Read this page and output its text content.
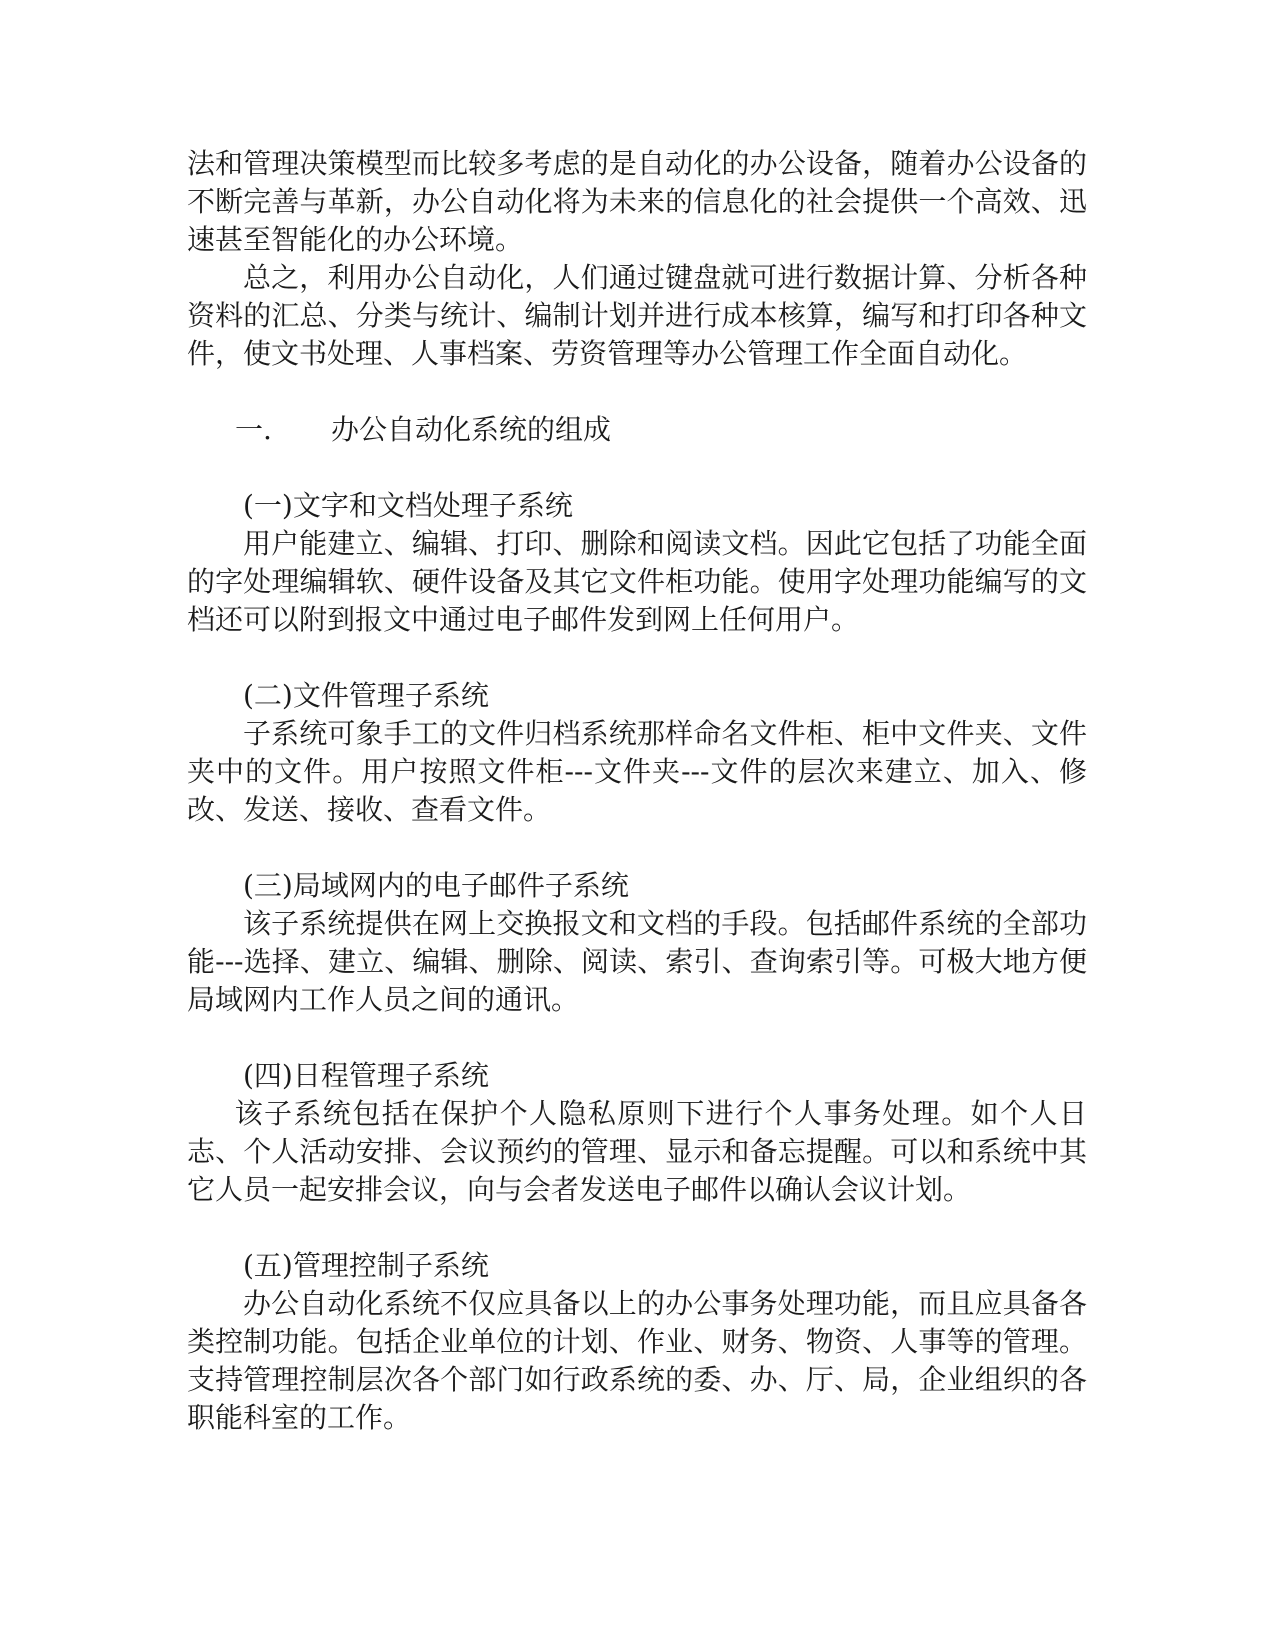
法和管理决策模型而比较多考虑的是自动化的办公设备，随着办公设备的不断完善与革新，办公自动化将为未来的信息化的社会提供一个高效、迅速甚至智能化的办公环境。

总之，利用办公自动化，人们通过键盘就可进行数据计算、分析各种资料的汇总、分类与统计、编制计划并进行成本核算，编写和打印各种文件，使文书处理、人事档案、劳资管理等办公管理工作全面自动化。

一.	办公自动化系统的组成

(一)文字和文档处理子系统

用户能建立、编辑、打印、删除和阅读文档。因此它包括了功能全面的字处理编辑软、硬件设备及其它文件柜功能。使用字处理功能编写的文档还可以附到报文中通过电子邮件发到网上任何用户。

(二)文件管理子系统

子系统可象手工的文件归档系统那样命名文件柜、柜中文件夹、文件夹中的文件。用户按照文件柜---文件夹---文件的层次来建立、加入、修改、发送、接收、查看文件。

(三)局域网内的电子邮件子系统

该子系统提供在网上交换报文和文档的手段。包括邮件系统的全部功能---选择、建立、编辑、删除、阅读、索引、查询索引等。可极大地方便局域网内工作人员之间的通讯。

(四)日程管理子系统

该子系统包括在保护个人隐私原则下进行个人事务处理。如个人日志、个人活动安排、会议预约的管理、显示和备忘提醒。可以和系统中其它人员一起安排会议，向与会者发送电子邮件以确认会议计划。

(五)管理控制子系统

办公自动化系统不仅应具备以上的办公事务处理功能，而且应具备各类控制功能。包括企业单位的计划、作业、财务、物资、人事等的管理。支持管理控制层次各个部门如行政系统的委、办、厅、局，企业组织的各职能科室的工作。
